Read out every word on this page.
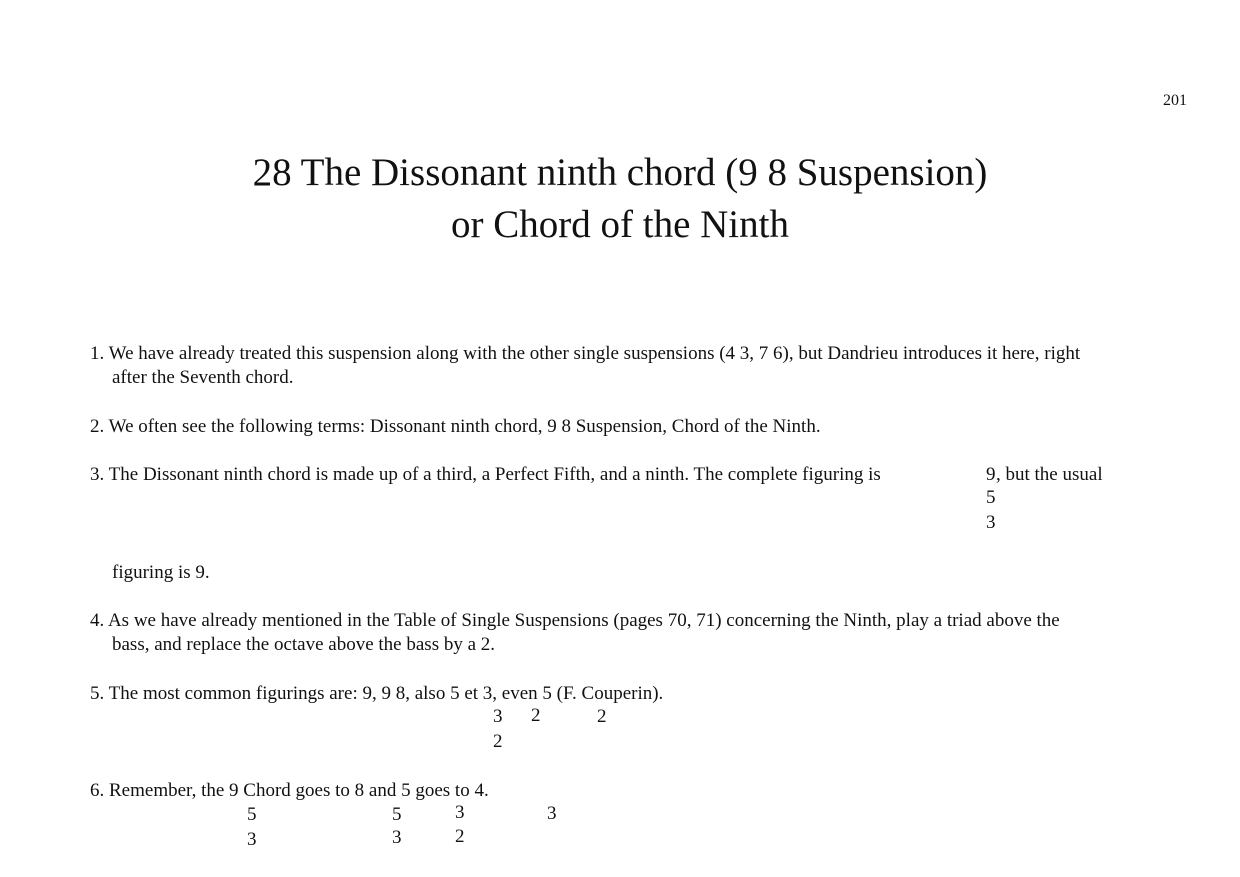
201
28 The Dissonant ninth chord (9 8 Suspension)
or Chord of the Ninth
1. We have already treated this suspension along with the other single suspensions (4 3, 7 6), but Dandrieu introduces it here, right
after the Seventh chord.
2. We often see the following terms: Dissonant ninth chord, 9 8 Suspension, Chord of the Ninth.
3. The Dissonant ninth chord is made up of a third, a Perfect Fifth, and a ninth. The complete figuring is	9 , but the usual
5
3
figuring is 9.
4. As we have already mentioned in the Table of Single Suspensions (pages 70, 71) concerning the Ninth, play a triad above the
bass, and replace the octave above the bass by a 2.
5. The most common figurings are: 9, 9 8, also 5 et 3, even 5 (F. Couperin).
3
2
2	2
6. Remember, the 9 Chord goes to 8 and 5 goes to 4.
5
3
5
3
3
2
3
